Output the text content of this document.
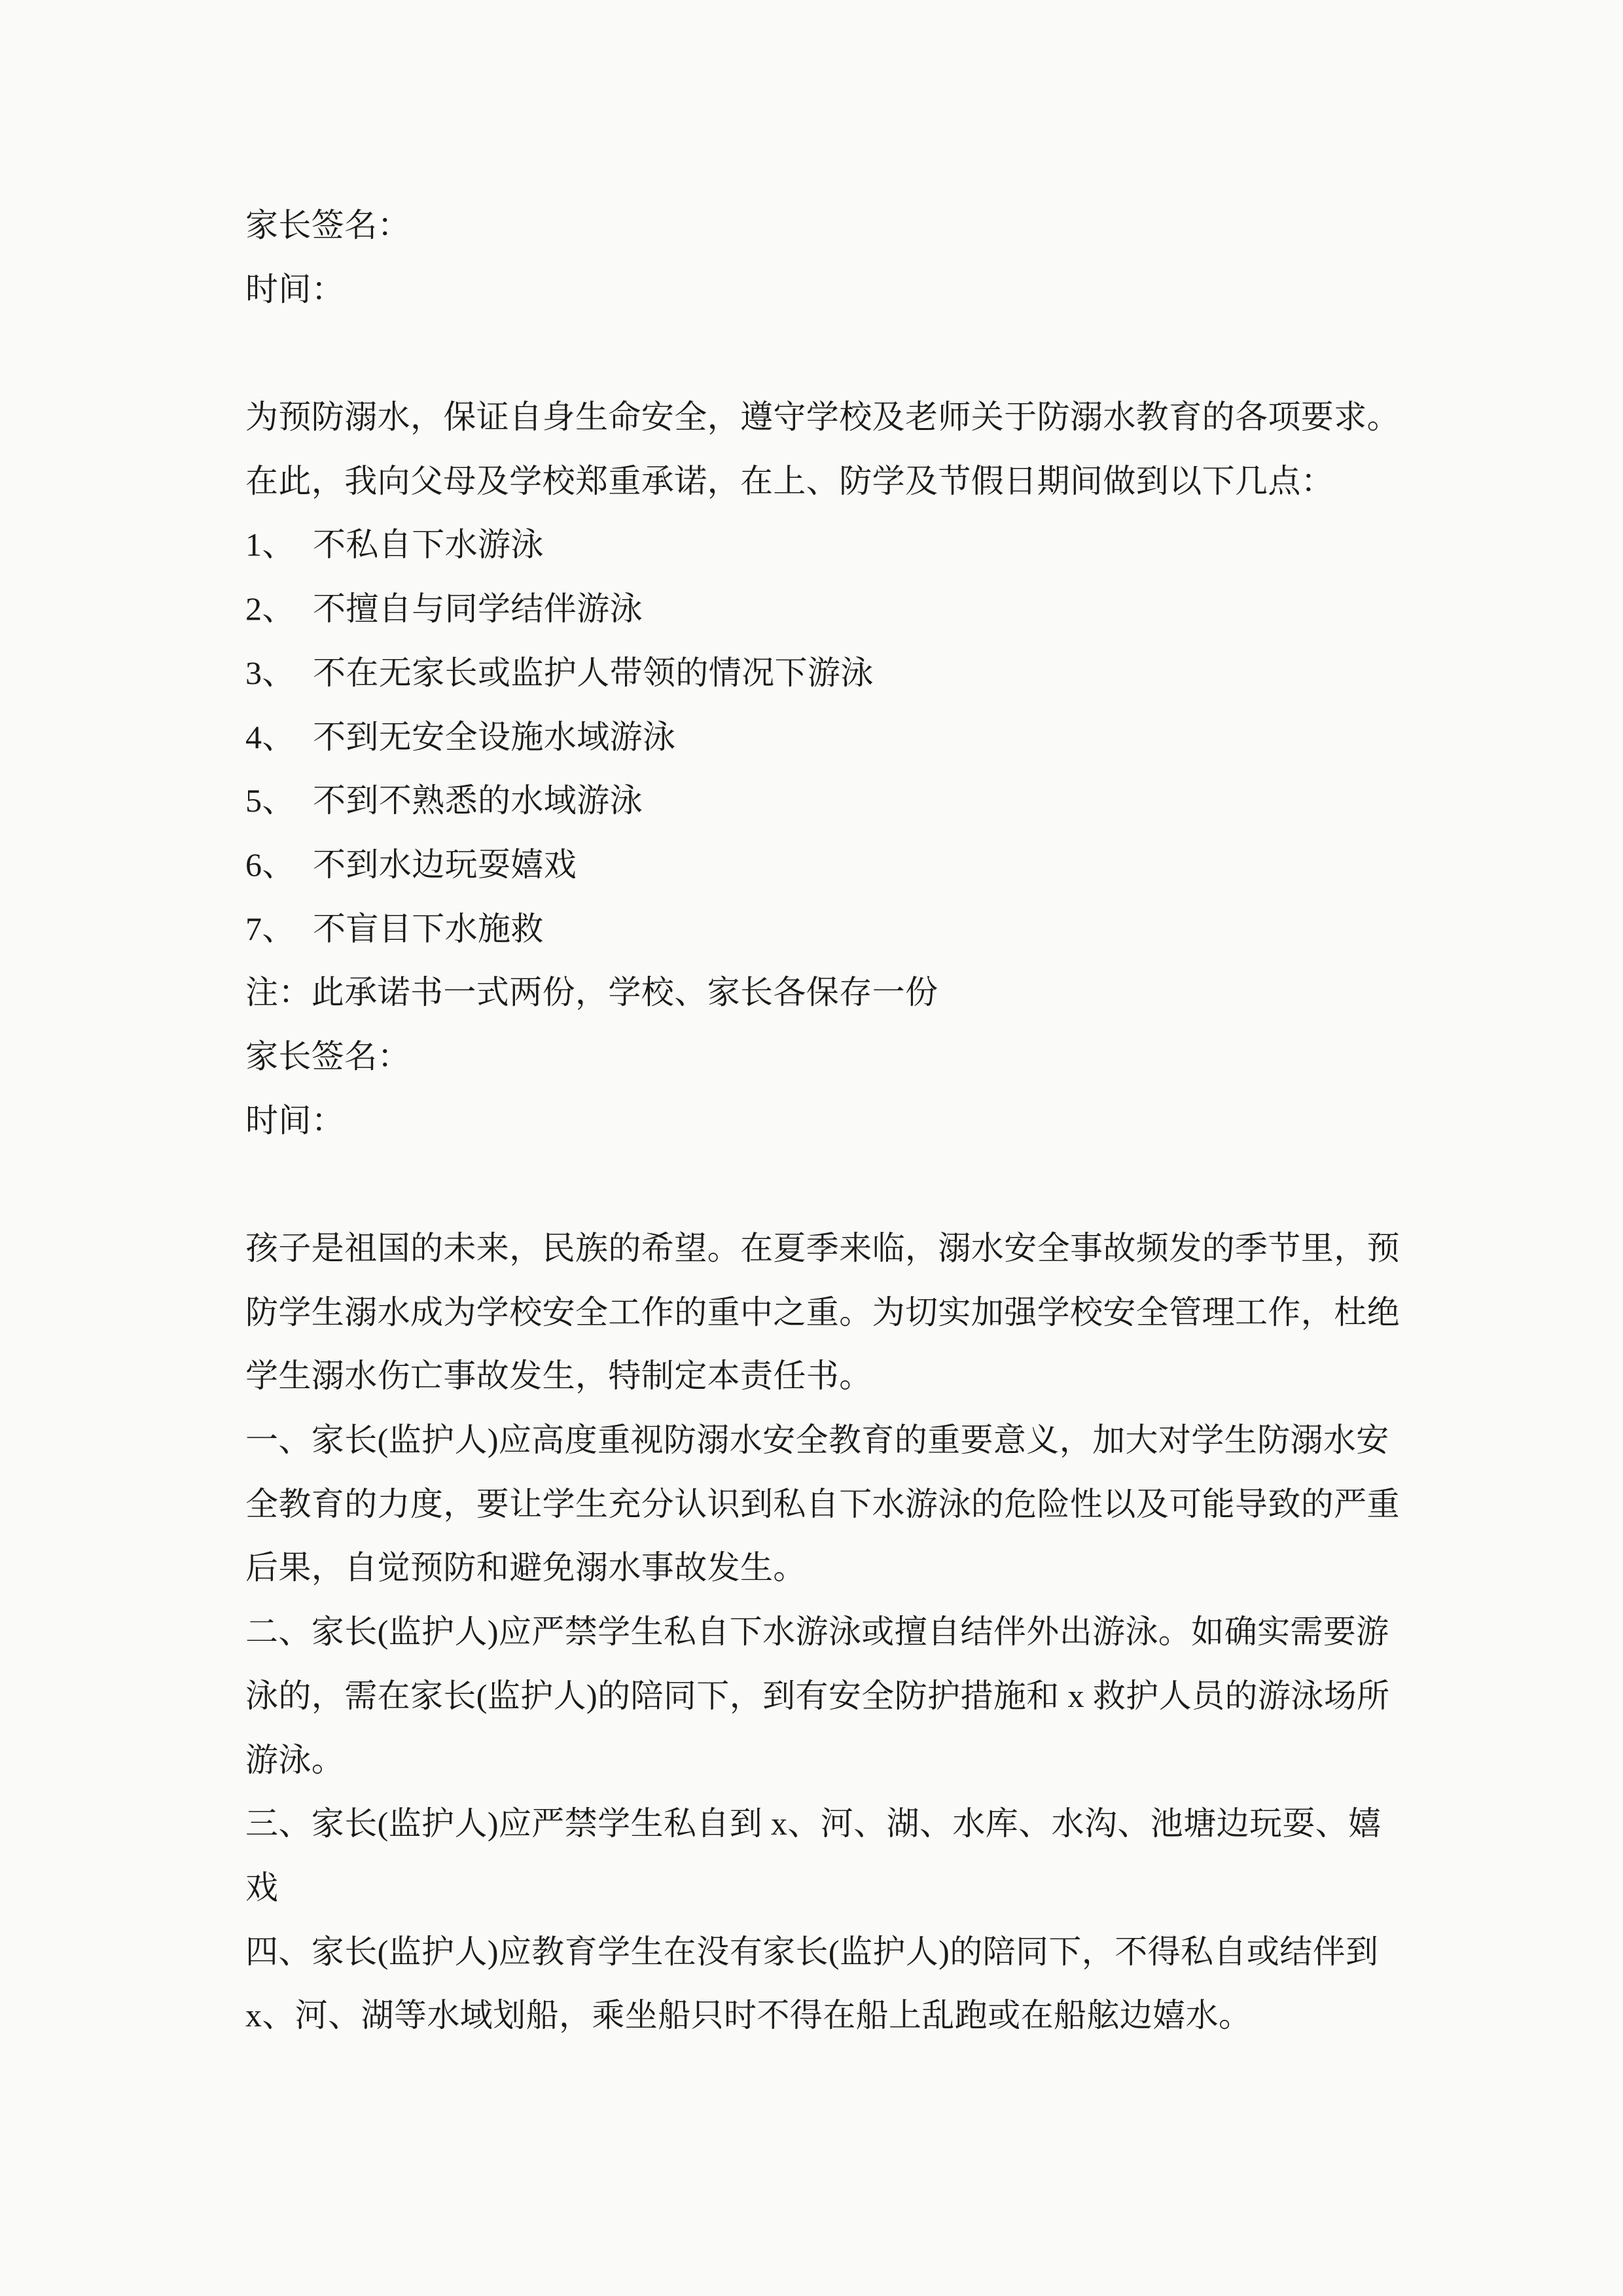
家长签名：
时间：
为预防溺水，保证自身生命安全，遵守学校及老师关于防溺水教育的各项要求。
在此，我向父母及学校郑重承诺，在上、防学及节假日期间做到以下几点：
1、 不私自下水游泳
2、 不擅自与同学结伴游泳
3、 不在无家长或监护人带领的情况下游泳
4、 不到无安全设施水域游泳
5、 不到不熟悉的水域游泳
6、 不到水边玩耍嬉戏
7、 不盲目下水施救
注：此承诺书一式两份，学校、家长各保存一份
家长签名：
时间：
孩子是祖国的未来，民族的希望。在夏季来临，溺水安全事故频发的季节里，预
防学生溺水成为学校安全工作的重中之重。为切实加强学校安全管理工作，杜绝
学生溺水伤亡事故发生，特制定本责任书。
一、家长(监护人)应高度重视防溺水安全教育的重要意义，加大对学生防溺水安
全教育的力度，要让学生充分认识到私自下水游泳的危险性以及可能导致的严重
后果，自觉预防和避免溺水事故发生。
二、家长(监护人)应严禁学生私自下水游泳或擅自结伴外出游泳。如确实需要游
泳的，需在家长(监护人)的陪同下，到有安全防护措施和 x 救护人员的游泳场所
游泳。
三、家长(监护人)应严禁学生私自到 x、河、湖、水库、水沟、池塘边玩耍、嬉
戏
四、家长(监护人)应教育学生在没有家长(监护人)的陪同下，不得私自或结伴到
x、河、湖等水域划船，乘坐船只时不得在船上乱跑或在船舷边嬉水。
